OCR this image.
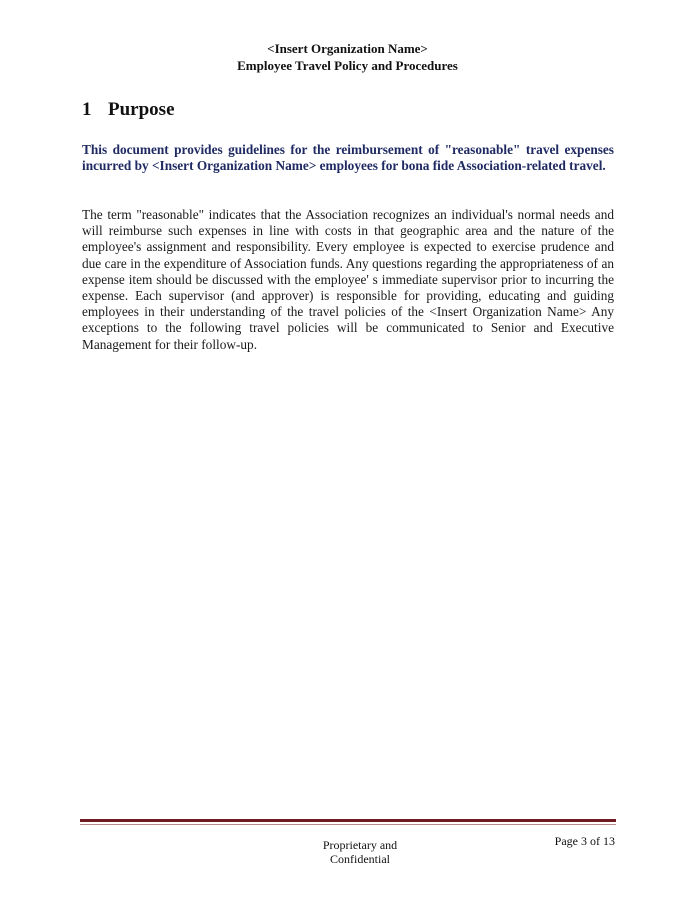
<Insert Organization Name>
Employee Travel Policy and Procedures
1 Purpose

This document provides guidelines for the reimbursement of "reasonable" travel expenses incurred by <Insert Organization Name> employees for bona fide Association-related travel.

The term "reasonable" indicates that the Association recognizes an individual's normal needs and will reimburse such expenses in line with costs in that geographic area and the nature of the employee's assignment and responsibility. Every employee is expected to exercise prudence and due care in the expenditure of Association funds. Any questions regarding the appropriateness of an expense item should be discussed with the employee' s immediate supervisor prior to incurring the expense. Each supervisor (and approver) is responsible for providing, educating and guiding employees in their understanding of the travel policies of the <Insert Organization Name> Any exceptions to the following travel policies will be communicated to Senior and Executive Management for their follow-up.

Proprietary and
Confidential
Page 3 of 13
